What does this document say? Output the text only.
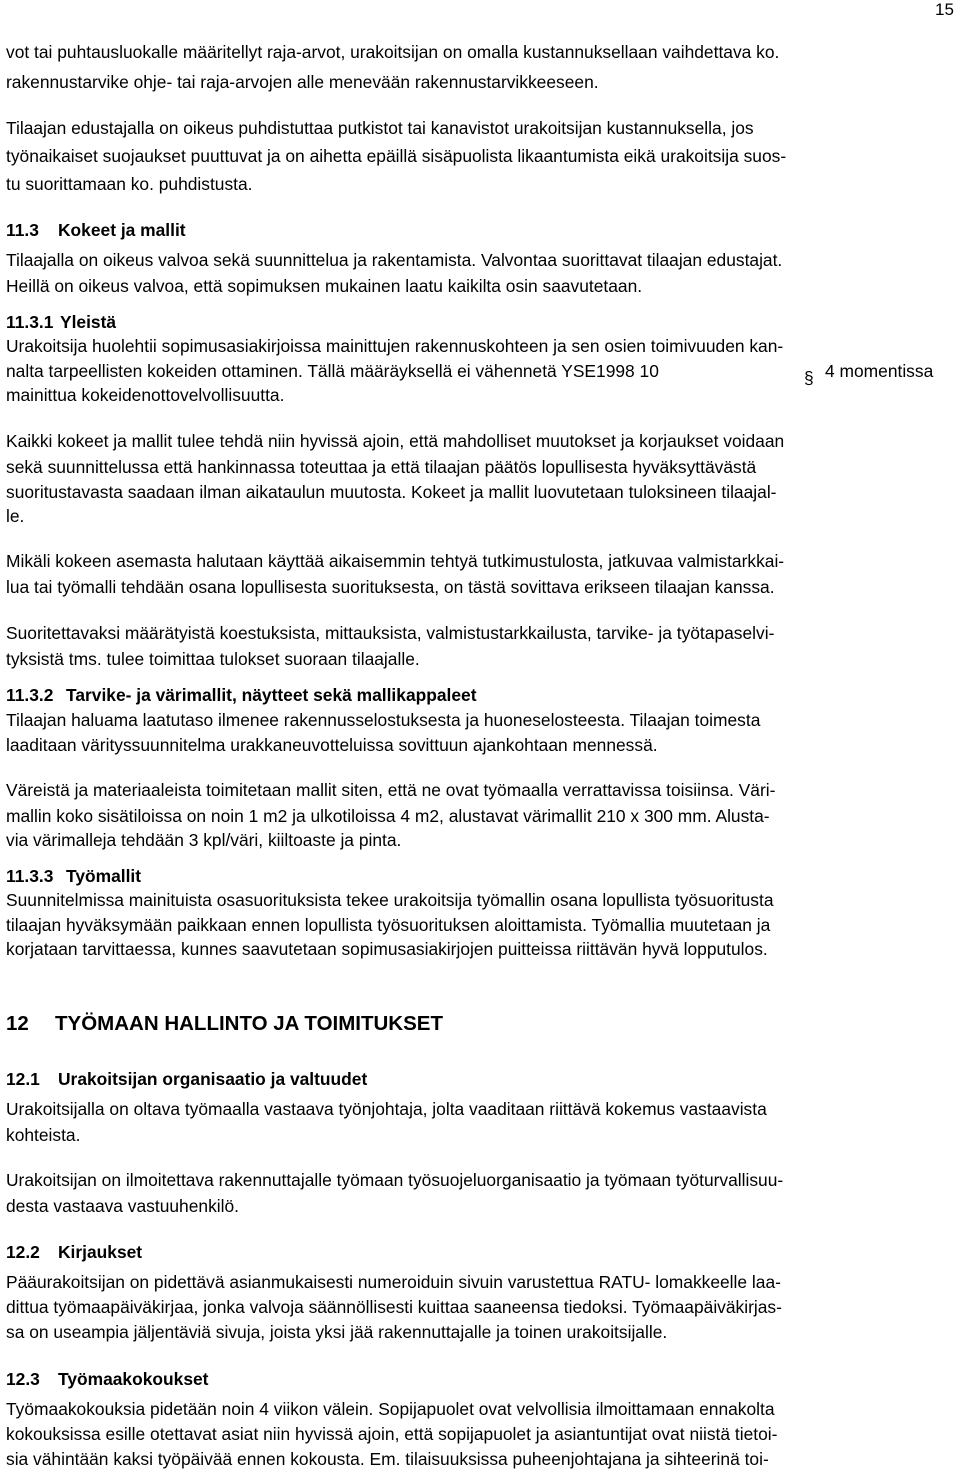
15
vot tai puhtausluokalle määritellyt raja-arvot, urakoitsijan on omalla kustannuksellaan vaihdettava ko.
rakennustarvike ohje- tai raja-arvojen alle menevään rakennustarvikkeeseen.
Tilaajan edustajalla on oikeus puhdistuttaa putkistot tai kanavistot urakoitsijan kustannuksella, jos
työnaikaiset suojaukset puuttuvat ja on aihetta epäillä sisäpuolista likaantumista eikä urakoitsija suos-
tu suorittamaan ko. puhdistusta.
11.3 Kokeet ja mallit
Tilaajalla on oikeus valvoa sekä suunnittelua ja rakentamista. Valvontaa suorittavat tilaajan edustajat.
Heillä on oikeus valvoa, että sopimuksen mukainen laatu kaikilta osin saavutetaan.
11.3.1 Yleistä
Urakoitsija huolehtii sopimusasiakirjoissa mainittujen rakennuskohteen ja sen osien toimivuuden kan-
nalta tarpeellisten kokeiden ottaminen. Tällä määräyksellä ei vähennetä YSE1998 10	§ 4 momentissa
mainittua kokeidenottovelvollisuutta.
Kaikki kokeet ja mallit tulee tehdä niin hyvissä ajoin, että mahdolliset muutokset ja korjaukset voidaan
sekä suunnittelussa että hankinnassa toteuttaa ja että tilaajan päätös lopullisesta hyväksyttävästä
suoritustavasta saadaan ilman aikataulun muutosta. Kokeet ja mallit luovutetaan tuloksineen tilaajal-
le.
Mikäli kokeen asemasta halutaan käyttää aikaisemmin tehtyä tutkimustulosta, jatkuvaa valmistarkkai-
lua tai työmalli tehdään osana lopullisesta suorituksesta, on tästä sovittava erikseen tilaajan kanssa.
Suoritettavaksi määrätyistä koestuksista, mittauksista, valmistustarkkailusta, tarvike- ja työtapaselvi-
tyksistä tms. tulee toimittaa tulokset suoraan tilaajalle.
11.3.2 Tarvike- ja värimallit, näytteet sekä mallikappaleet
Tilaajan haluama laatutaso ilmenee rakennusselostuksesta ja huoneselosteesta. Tilaajan toimesta
laaditaan värityssuunnitelma urakkaneuvotteluissa sovittuun ajankohtaan mennessä.
Väreistä ja materiaaleista toimitetaan mallit siten, että ne ovat työmaalla verrattavissa toisiinsa. Väri-
mallin koko sisätiloissa on noin 1 m2 ja ulkotiloissa 4 m2, alustavat värimallit 210 x 300 mm. Alusta-
via värimalleja tehdään 3 kpl/väri, kiiltoaste ja pinta.
11.3.3 Työmallit
Suunnitelmissa mainituista osasuorituksista tekee urakoitsija työmallin osana lopullista työsuoritusta
tilaajan hyväksymään paikkaan ennen lopullista työsuorituksen aloittamista. Työmallia muutetaan ja
korjataan tarvittaessa, kunnes saavutetaan sopimusasiakirjojen puitteissa riittävän hyvä lopputulos.
12 TYÖMAAN HALLINTO JA TOIMITUKSET
12.1 Urakoitsijan organisaatio ja valtuudet
Urakoitsijalla on oltava työmaalla vastaava työnjohtaja, jolta vaaditaan riittävä kokemus vastaavista
kohteista.
Urakoitsijan on ilmoitettava rakennuttajalle työmaan työsuojeluorganisaatio ja työmaan työturvallisuu-
desta vastaava vastuuhenkilö.
12.2 Kirjaukset
Pääurakoitsijan on pidettävä asianmukaisesti numeroiduin sivuin varustettua RATU- lomakkeelle laa-
dittua työmaapäiväkirjaa, jonka valvoja säännöllisesti kuittaa saaneensa tiedoksi. Työmaapäiväkirjas-
sa on useampia jäljentäviä sivuja, joista yksi jää rakennuttajalle ja toinen urakoitsijalle.
12.3 Työmaakokoukset
Työmaakokouksia pidetään noin 4 viikon välein. Sopijapuolet ovat velvollisia ilmoittamaan ennakolta
kokouksissa esille otettavat asiat niin hyvissä ajoin, että sopijapuolet ja asiantuntijat ovat niistä tietoi-
sia vähintään kaksi työpäivää ennen kokousta. Em. tilaisuuksissa puheenjohtajana ja sihteerinä toi-
